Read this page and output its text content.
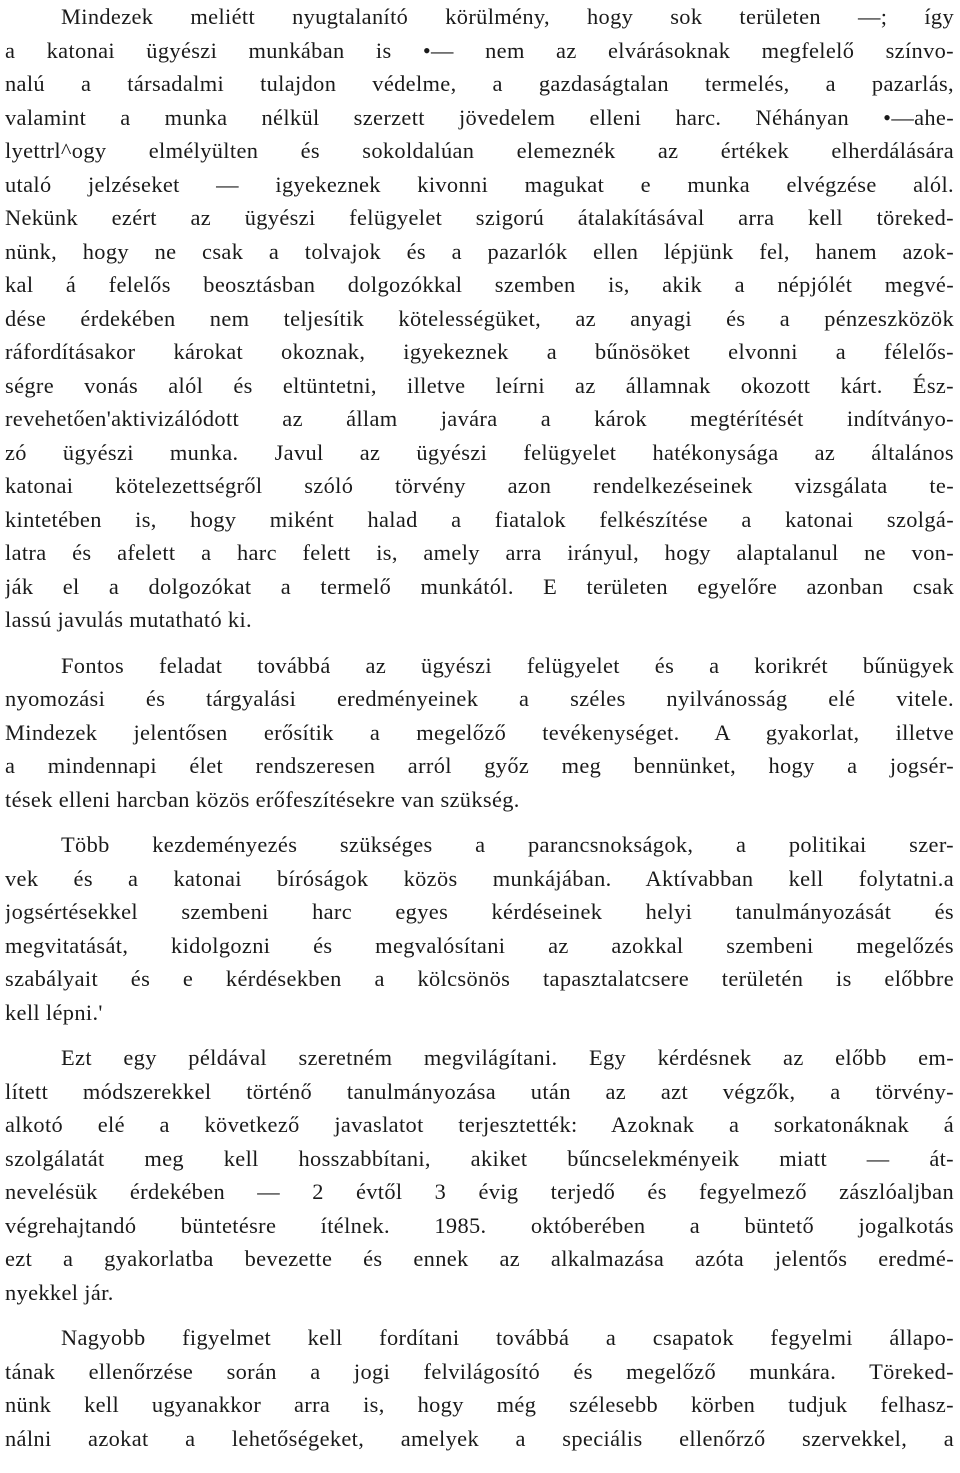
Mindezek meliétt nyugtalanító körülmény, hogy sok területen —; így
a katonai ügyészi munkában is •— nem az elvárásoknak megfelelő színvo-
nalú a társadalmi tulajdon védelme, a gazdaságtalan termelés, a pazarlás,
valamint a munka nélkül szerzett jövedelem elleni harc. Néhányan •—ahe-
lyettrl^ogy elmélyülten és sokoldalúan elemeznék az értékek elherdálására
utaló jelzéseket — igyekeznek kivonni magukat e munka elvégzése alól.
Nekünk ezért az ügyészi felügyelet szigorú átalakításával arra kell töreked-
nünk, hogy ne csak a tolvajok és a pazarlók ellen lépjünk fel, hanem azok-
kal á felelős beosztásban dolgozókkal szemben is, akik a népjólét megvé-
dése érdekében nem teljesítik kötelességüket, az anyagi és a pénzeszközök
ráfordításakor károkat okoznak, igyekeznek a bűnösöket elvonni a félelős-
ségre vonás alól és eltüntetni, illetve leírni az államnak okozott kárt. Ész-
revehetően'aktivizálódott az állam javára a károk megtérítését indítványo-
zó ügyészi munka. Javul az ügyészi felügyelet hatékonysága az általános
katonai kötelezettségről szóló törvény azon rendelkezéseinek vizsgálata te-
kintetében is, hogy miként halad a fiatalok felkészítése a katonai szolgá-
latra és afelett a harc felett is, amely arra irányul, hogy alaptalanul ne von-
ják el a dolgozókat a termelő munkától. E területen egyelőre azonban csak
lassú javulás mutatható ki.
Fontos feladat továbbá az ügyészi felügyelet és a korikrét bűnügyek
nyomozási és tárgyalási eredményeinek a széles nyilvánosság elé vitele.
Mindezek jelentősen erősítik a megelőző tevékenységet. A gyakorlat, illetve
a mindennapi élet rendszeresen arról győz meg bennünket, hogy a jogsér-
tések elleni harcban közös erőfeszítésekre van szükség.
Több kezdeményezés szükséges a parancsnokságok, a politikai szer-
vek és a katonai bíróságok közös munkájában. Aktívabban kell folytatni.a
jogsértésekkel szembeni harc egyes kérdéseinek helyi tanulmányozását és
megvitatását, kidolgozni és megvalósítani az azokkal szembeni megelőzés
szabályait és e kérdésekben a kölcsönös tapasztalatcsere területén is előbbre
kell lépni.'
Ezt egy példával szeretném megvilágítani. Egy kérdésnek az előbb em-
lített módszerekkel történő tanulmányozása után az azt végzők, a törvény-
alkotó elé a következő javaslatot terjesztették: Azoknak a sorkatonáknak á
szolgálatát meg kell hosszabbítani, akiket bűncselekményeik miatt — át-
nevelésük érdekében — 2 évtől 3 évig terjedő és fegyelmező zászlóaljban
végrehajtandó büntetésre ítélnek. 1985. októberében a büntető jogalkotás
ezt a gyakorlatba bevezette és ennek az alkalmazása azóta jelentős eredmé-
nyekkel jár.
Nagyobb figyelmet kell fordítani továbbá a csapatok fegyelmi állapo-
tának ellenőrzése során a jogi felvilágosító és megelőző munkára. Töreked-
nünk kell ugyanakkor arra is, hogy még szélesebb körben tudjuk felhasz-
nálni azokat a lehetőségeket, amelyek a speciális ellenőrző szervekkel, a
